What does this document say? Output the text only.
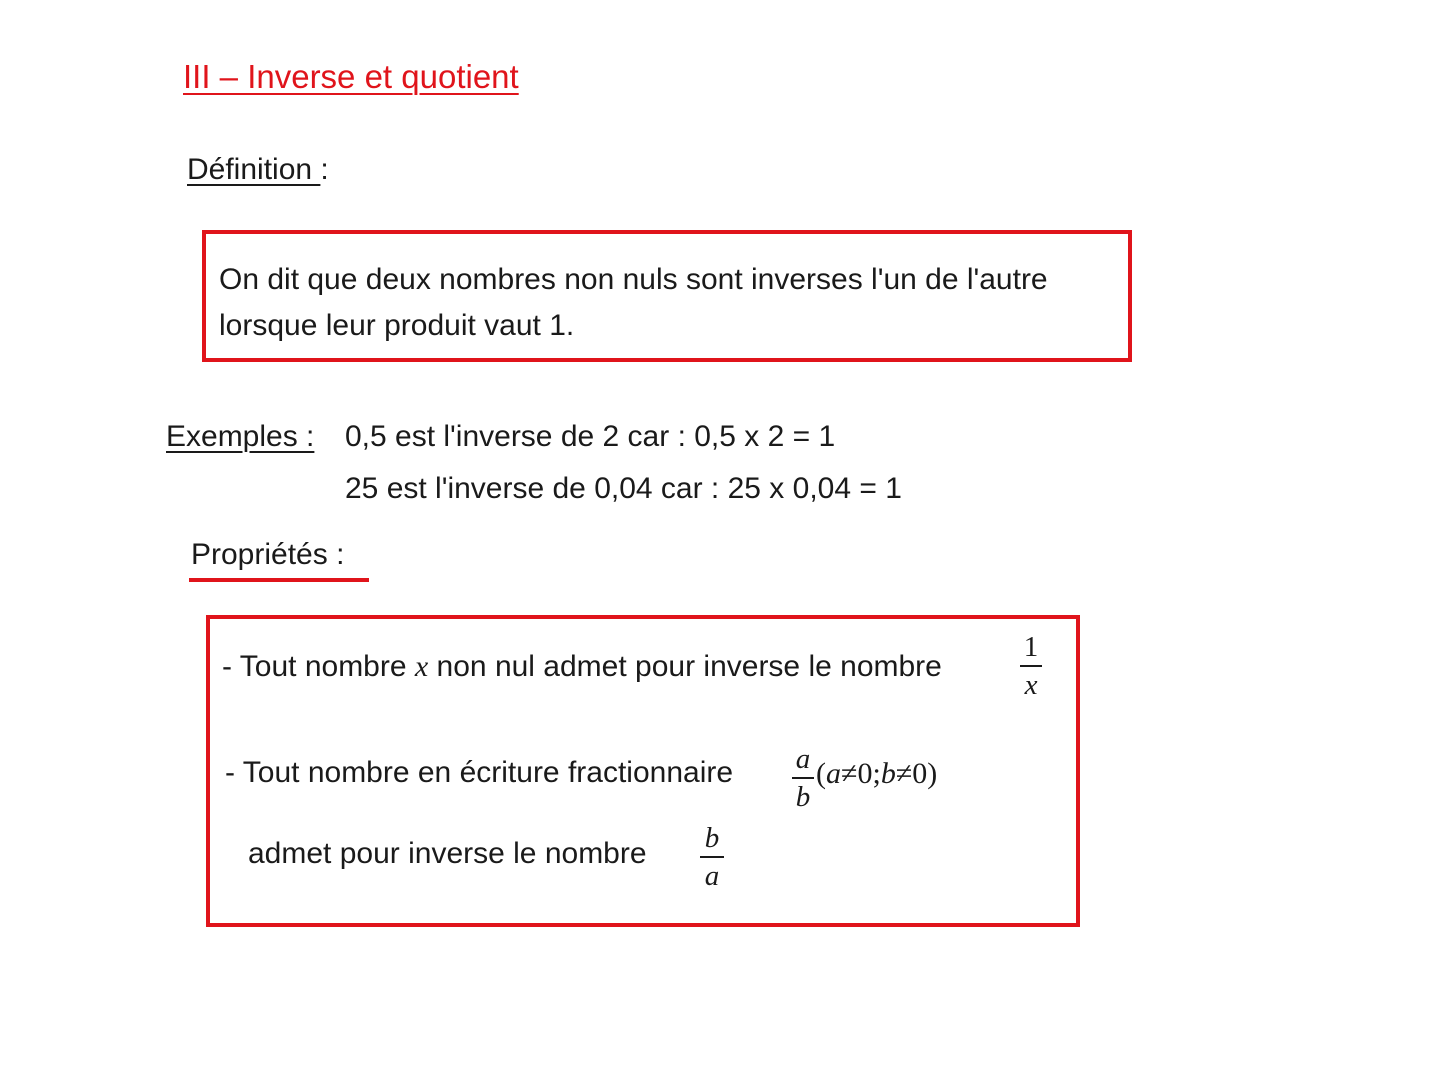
III – Inverse et quotient
Définition :
On dit que deux nombres non nuls sont inverses l'un de l'autre
lorsque leur produit vaut 1.
Exemples : 0,5 est l'inverse de 2 car : 0,5 x 2 = 1
25 est l'inverse de 0,04 car : 25 x 0,04 = 1
Propriétés :
- Tout nombre x non nul admet pour inverse le nombre
1
x
- Tout nombre en écriture fractionnaire a
b
(a≠0;b≠0)
admet pour inverse le nombre b
a
